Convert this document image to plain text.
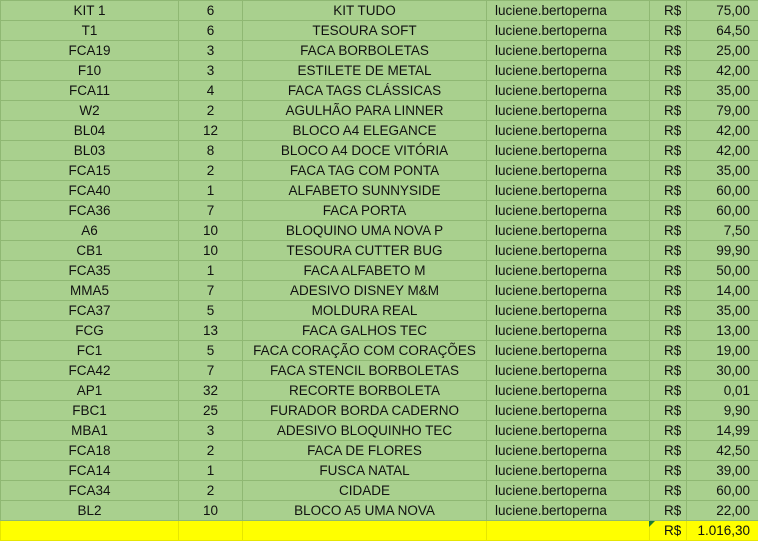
KIT 1	6	KIT TUDO	luciene.bertoperna	R$	75,00
T1	6	TESOURA SOFT	luciene.bertoperna	R$	64,50
FCA19	3	FACA BORBOLETAS	luciene.bertoperna	R$	25,00
F10	3	ESTILETE DE METAL	luciene.bertoperna	R$	42,00
FCA11	4	FACA TAGS CLÁSSICAS	luciene.bertoperna	R$	35,00
W2	2	AGULHÃO PARA LINNER	luciene.bertoperna	R$	79,00
BL04	12	BLOCO A4 ELEGANCE	luciene.bertoperna	R$	42,00
BL03	8	BLOCO A4 DOCE VITÓRIA	luciene.bertoperna	R$	42,00
FCA15	2	FACA TAG COM PONTA	luciene.bertoperna	R$	35,00
FCA40	1	ALFABETO SUNNYSIDE	luciene.bertoperna	R$	60,00
FCA36	7	FACA PORTA	luciene.bertoperna	R$	60,00
A6	10	BLOQUINO UMA NOVA P	luciene.bertoperna	R$	7,50
CB1	10	TESOURA CUTTER BUG	luciene.bertoperna	R$	99,90
FCA35	1	FACA ALFABETO M	luciene.bertoperna	R$	50,00
MMA5	7	ADESIVO DISNEY M&M	luciene.bertoperna	R$	14,00
FCA37	5	MOLDURA REAL	luciene.bertoperna	R$	35,00
FCG	13	FACA GALHOS TEC	luciene.bertoperna	R$	13,00
FC1	5	FACA CORAÇÃO COM CORAÇÕES	luciene.bertoperna	R$	19,00
FCA42	7	FACA STENCIL BORBOLETAS	luciene.bertoperna	R$	30,00
AP1	32	RECORTE BORBOLETA	luciene.bertoperna	R$	0,01
FBC1	25	FURADOR BORDA CADERNO	luciene.bertoperna	R$	9,90
MBA1	3	ADESIVO BLOQUINHO TEC	luciene.bertoperna	R$	14,99
FCA18	2	FACA DE FLORES	luciene.bertoperna	R$	42,50
FCA14	1	FUSCA NATAL	luciene.bertoperna	R$	39,00
FCA34	2	CIDADE	luciene.bertoperna	R$	60,00
BL2	10	BLOCO A5 UMA NOVA	luciene.bertoperna	R$	22,00
				R$	1.016,30
